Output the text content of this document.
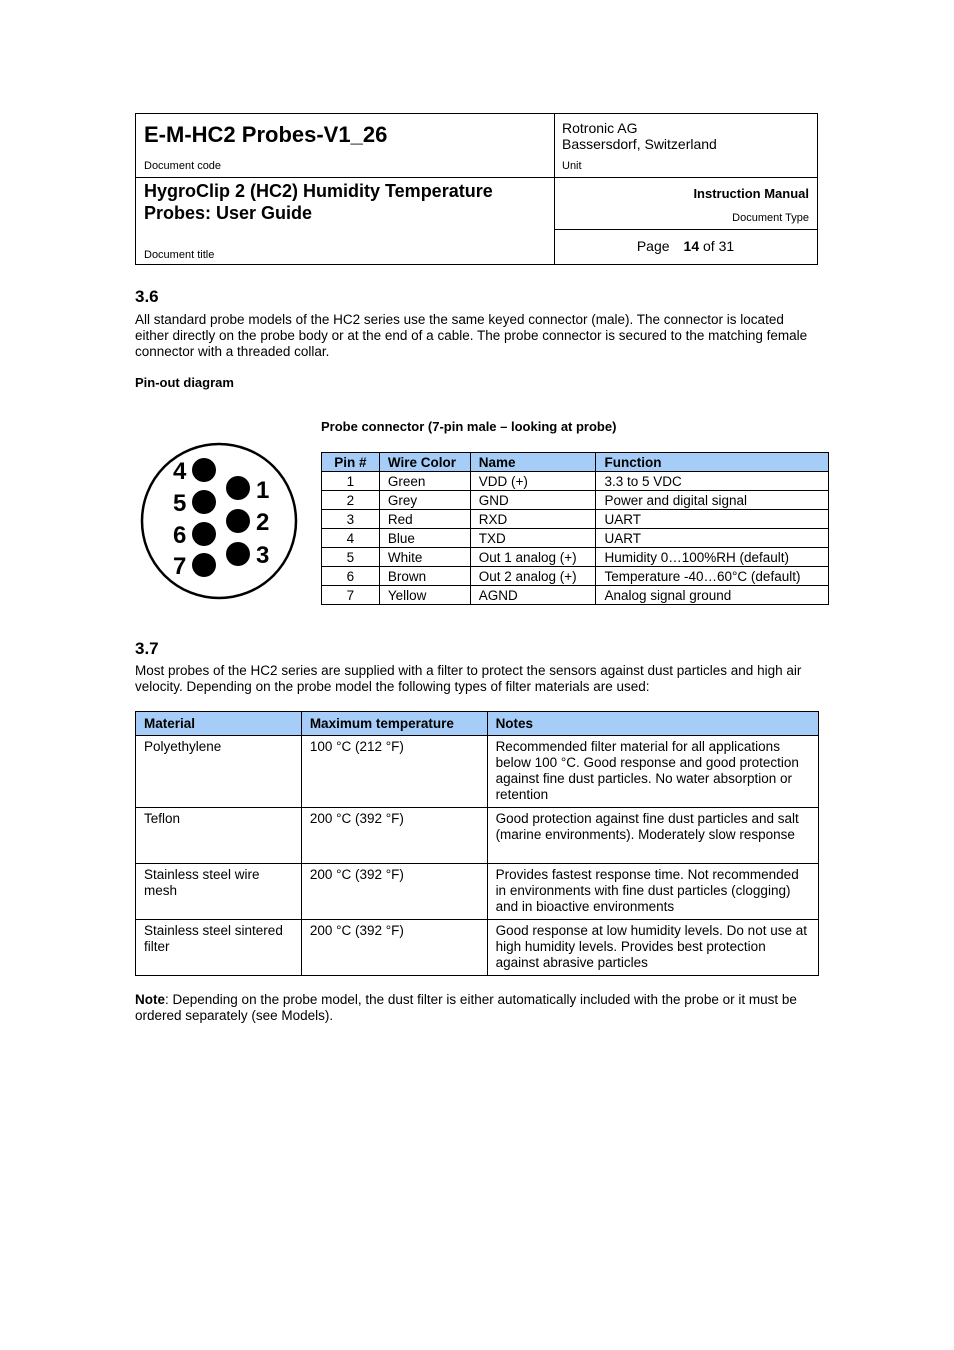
E-M-HC2 Probes-V1_26
Document code
Rotronic AG
Bassersdorf, Switzerland
Unit
HygroClip 2 (HC2) Humidity Temperature Probes: User Guide
Document title
Instruction Manual
Document Type
Page 14 of 31
3.6

All standard probe models of the HC2 series use the same keyed connector (male). The connector is located either directly on the probe body or at the end of a cable. The probe connector is secured to the matching female connector with a threaded collar.

Pin-out diagram

Probe connector (7-pin male – looking at probe)

4
5
6
7
1
2
3
Pin #	Wire Color	Name	Function
1	Green	VDD (+)	3.3 to 5 VDC
2	Grey	GND	Power and digital signal
3	Red	RXD	UART
4	Blue	TXD	UART
5	White	Out 1 analog (+)	Humidity 0…100%RH (default)
6	Brown	Out 2 analog (+)	Temperature -40…60°C (default)
7	Yellow	AGND	Analog signal ground
3.7

Most probes of the HC2 series are supplied with a filter to protect the sensors against dust particles and high air velocity. Depending on the probe model the following types of filter materials are used:

Material	Maximum temperature	Notes
Polyethylene	100 °C (212 °F)	Recommended filter material for all applications below 100 °C. Good response and good protection against fine dust particles. No water absorption or retention
Teflon	200 °C (392 °F)	Good protection against fine dust particles and salt (marine environments). Moderately slow response
Stainless steel wire mesh	200 °C (392 °F)	Provides fastest response time. Not recommended in environments with fine dust particles (clogging) and in bioactive environments
Stainless steel sintered filter	200 °C (392 °F)	Good response at low humidity levels. Do not use at high humidity levels. Provides best protection against abrasive particles

Note: Depending on the probe model, the dust filter is either automatically included with the probe or it must be ordered separately (see Models).
